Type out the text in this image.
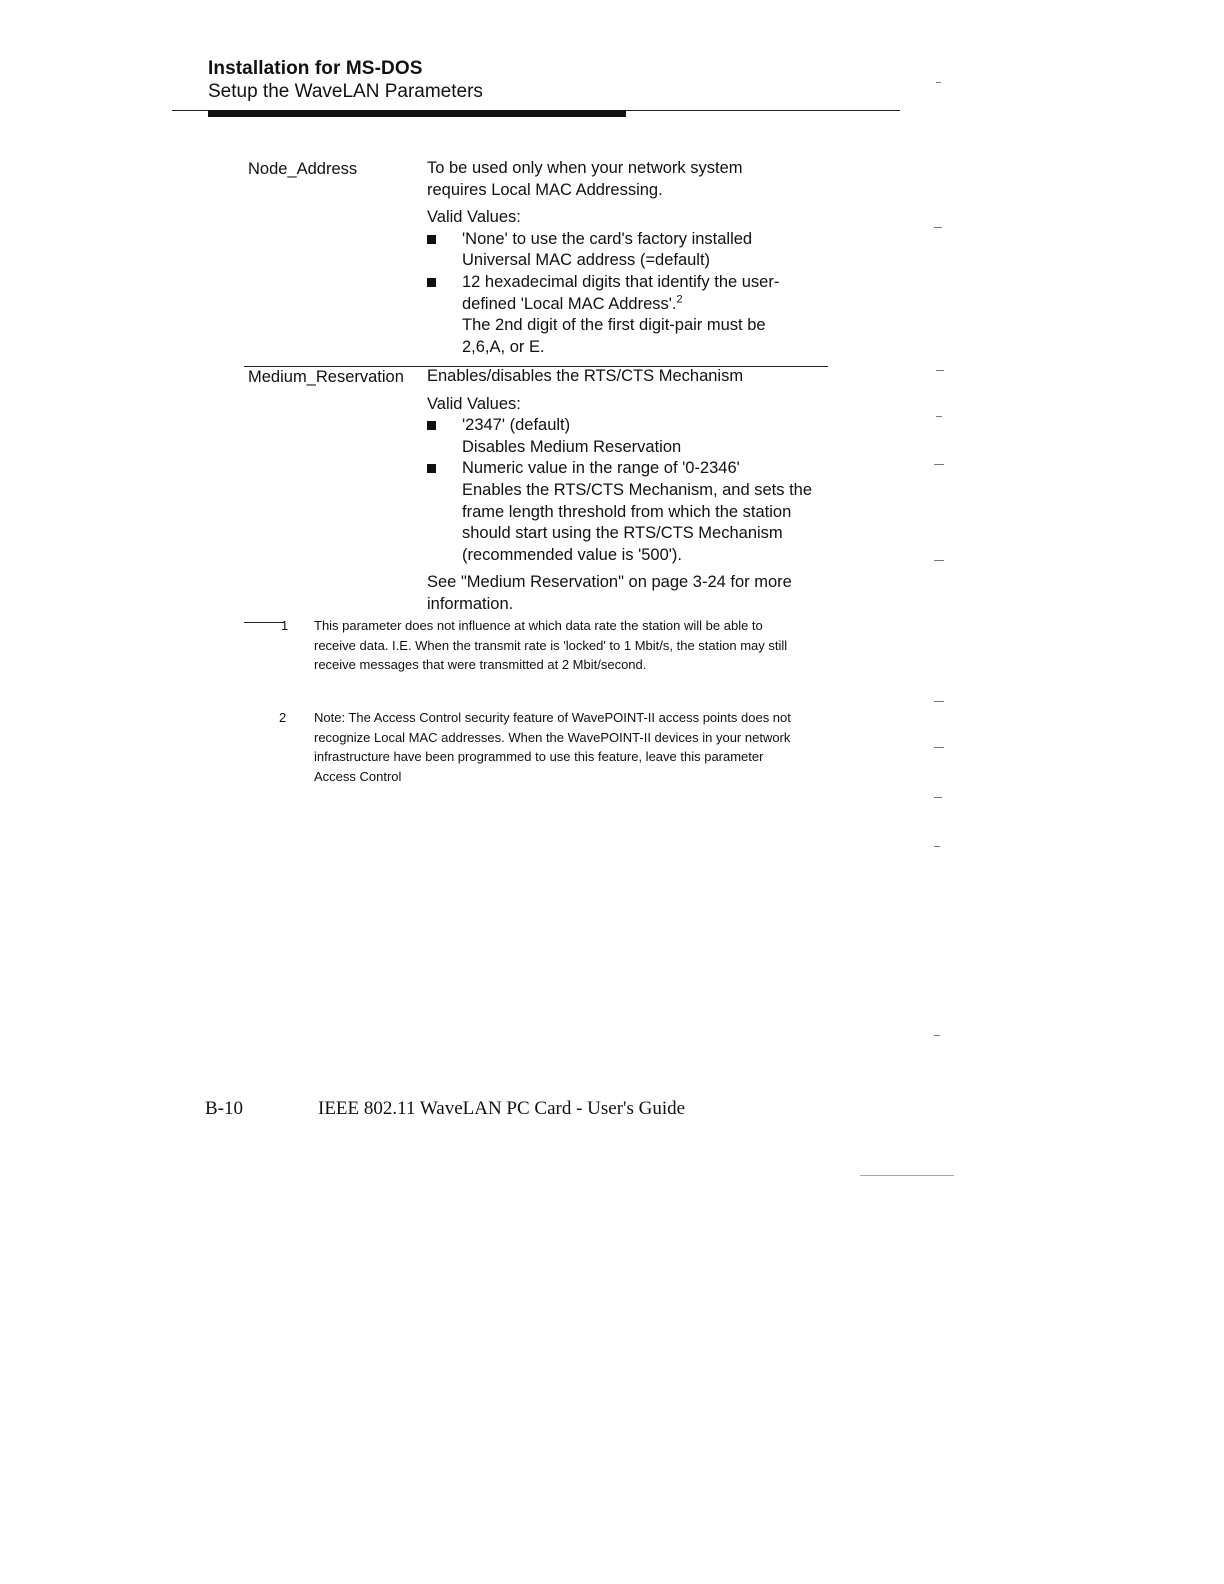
Installation for MS-DOS
Setup the WaveLAN Parameters
Node_Address	To be used only when your network system requires Local MAC Addressing.

Valid Values:

'None' to use the card's factory installed
Universal MAC address (=default)
12 hexadecimal digits that identify the user-defined 'Local MAC Address'.$^2$
The 2nd digit of the first digit-pair must be 2,6,A, or E.
Medium_Reservation Enables/disables the RTS/CTS Mechanism

Valid Values:

'2347' (default)
Disables Medium Reservation
Numeric value in the range of '0-2346'
Enables the RTS/CTS Mechanism, and sets the frame length threshold from which the station should start using the RTS/CTS Mechanism (recommended value is '500').

See "Medium Reservation" on page 3-24 for more information.

1 This parameter does not influence at which data rate the station will be able to receive data. I.E. When the transmit rate is 'locked' to 1 Mbit/s, the station may still receive messages that were transmitted at 2 Mbit/second.
2 Note: The Access Control security feature of WavePOINT-II access points does not recognize Local MAC addresses. When the WavePOINT-II devices in your network infrastructure have been programmed to use this feature, leave this parameter Access Control
B-10	IEEE 802.11 WaveLAN PC Card - User's Guide
